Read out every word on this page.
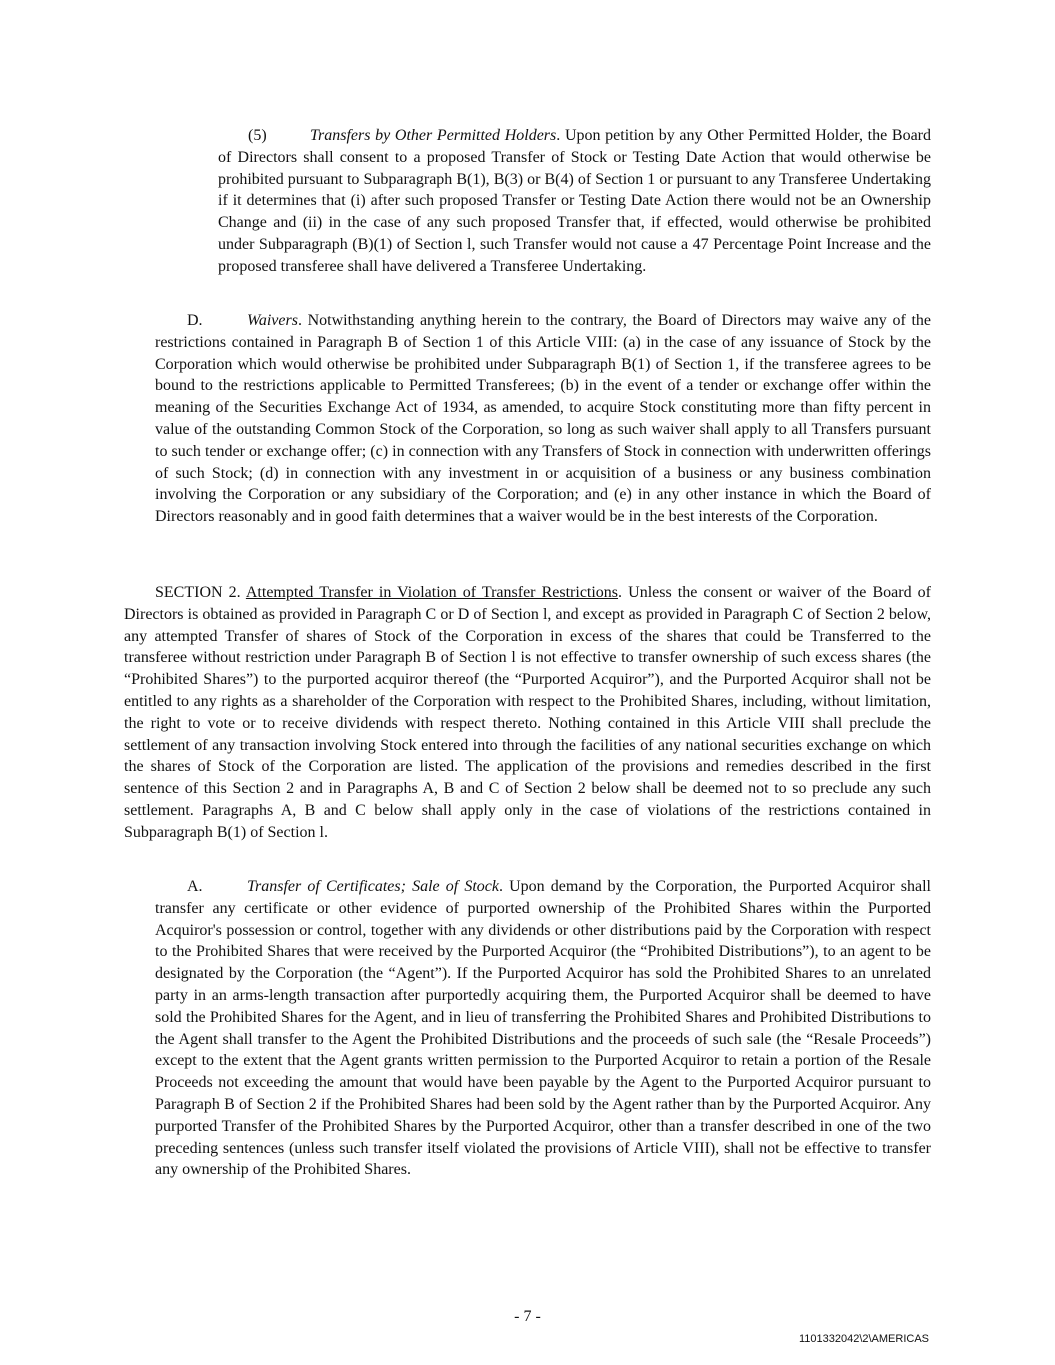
(5)	Transfers by Other Permitted Holders. Upon petition by any Other Permitted Holder, the Board of Directors shall consent to a proposed Transfer of Stock or Testing Date Action that would otherwise be prohibited pursuant to Subparagraph B(1), B(3) or B(4) of Section 1 or pursuant to any Transferee Undertaking if it determines that (i) after such proposed Transfer or Testing Date Action there would not be an Ownership Change and (ii) in the case of any such proposed Transfer that, if effected, would otherwise be prohibited under Subparagraph (B)(1) of Section l, such Transfer would not cause a 47 Percentage Point Increase and the proposed transferee shall have delivered a Transferee Undertaking.

D.	Waivers. Notwithstanding anything herein to the contrary, the Board of Directors may waive any of the restrictions contained in Paragraph B of Section 1 of this Article VIII: (a) in the case of any issuance of Stock by the Corporation which would otherwise be prohibited under Subparagraph B(1) of Section 1, if the transferee agrees to be bound to the restrictions applicable to Permitted Transferees; (b) in the event of a tender or exchange offer within the meaning of the Securities Exchange Act of 1934, as amended, to acquire Stock constituting more than fifty percent in value of the outstanding Common Stock of the Corporation, so long as such waiver shall apply to all Transfers pursuant to such tender or exchange offer; (c) in connection with any Transfers of Stock in connection with underwritten offerings of such Stock; (d) in connection with any investment in or acquisition of a business or any business combination involving the Corporation or any subsidiary of the Corporation; and (e) in any other instance in which the Board of Directors reasonably and in good faith determines that a waiver would be in the best interests of the Corporation.

SECTION 2. Attempted Transfer in Violation of Transfer Restrictions. Unless the consent or waiver of the Board of Directors is obtained as provided in Paragraph C or D of Section l, and except as provided in Paragraph C of Section 2 below, any attempted Transfer of shares of Stock of the Corporation in excess of the shares that could be Transferred to the transferee without restriction under Paragraph B of Section l is not effective to transfer ownership of such excess shares (the “Prohibited Shares”) to the purported acquiror thereof (the “Purported Acquiror”), and the Purported Acquiror shall not be entitled to any rights as a shareholder of the Corporation with respect to the Prohibited Shares, including, without limitation, the right to vote or to receive dividends with respect thereto. Nothing contained in this Article VIII shall preclude the settlement of any transaction involving Stock entered into through the facilities of any national securities exchange on which the shares of Stock of the Corporation are listed. The application of the provisions and remedies described in the first sentence of this Section 2 and in Paragraphs A, B and C of Section 2 below shall be deemed not to so preclude any such settlement. Paragraphs A, B and C below shall apply only in the case of violations of the restrictions contained in Subparagraph B(1) of Section l.

A.	Transfer of Certificates; Sale of Stock. Upon demand by the Corporation, the Purported Acquiror shall transfer any certificate or other evidence of purported ownership of the Prohibited Shares within the Purported Acquiror's possession or control, together with any dividends or other distributions paid by the Corporation with respect to the Prohibited Shares that were received by the Purported Acquiror (the “Prohibited Distributions”), to an agent to be designated by the Corporation (the “Agent”). If the Purported Acquiror has sold the Prohibited Shares to an unrelated party in an arms-length transaction after purportedly acquiring them, the Purported Acquiror shall be deemed to have sold the Prohibited Shares for the Agent, and in lieu of transferring the Prohibited Shares and Prohibited Distributions to the Agent shall transfer to the Agent the Prohibited Distributions and the proceeds of such sale (the “Resale Proceeds”) except to the extent that the Agent grants written permission to the Purported Acquiror to retain a portion of the Resale Proceeds not exceeding the amount that would have been payable by the Agent to the Purported Acquiror pursuant to Paragraph B of Section 2 if the Prohibited Shares had been sold by the Agent rather than by the Purported Acquiror. Any purported Transfer of the Prohibited Shares by the Purported Acquiror, other than a transfer described in one of the two preceding sentences (unless such transfer itself violated the provisions of Article VIII), shall not be effective to transfer any ownership of the Prohibited Shares.

- 7 -
1101332042\2\AMERICAS
